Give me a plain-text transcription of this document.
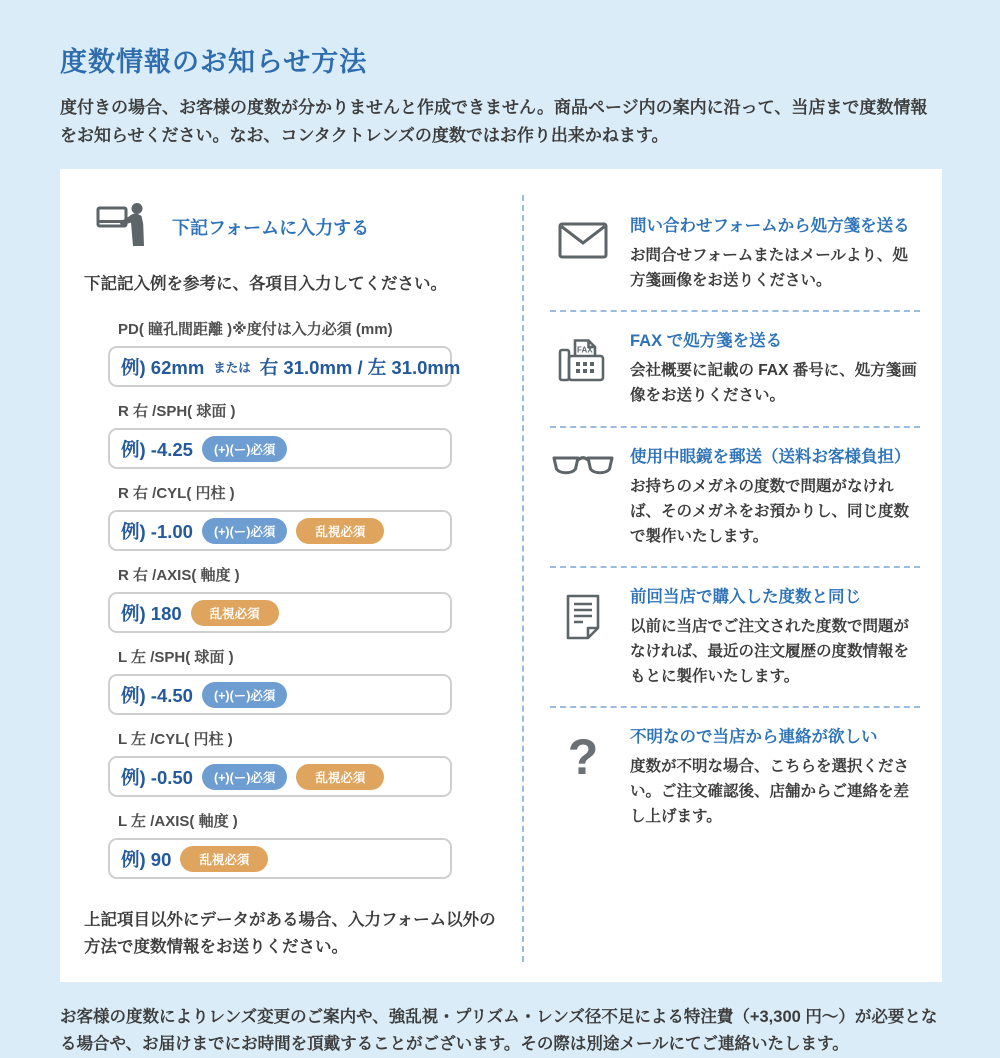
度数情報のお知らせ方法

度付きの場合、お客様の度数が分かりませんと作成できません。商品ページ内の案内に沿って、当店まで度数情報をお知らせください。なお、コンタクトレンズの度数ではお作り出来かねます。

下記フォームに入力する

下記記入例を参考に、各項目入力してください。

PD( 瞳孔間距離 )※度付は入力必須 (mm)
例) 62mm または 右 31.0mm / 左 31.0mm
R 右 /SPH( 球面 )
例) -4.25	(+)(ー)必須
R 右 /CYL( 円柱 )
例) -1.00	(+)(ー)必須	乱視必須
R 右 /AXIS( 軸度 )
例) 180	乱視必須
L 左 /SPH( 球面 )
例) -4.50	(+)(ー)必須
L 左 /CYL( 円柱 )
例) -0.50	(+)(ー)必須	乱視必須
L 左 /AXIS( 軸度 )
例) 90	乱視必須

上記項目以外にデータがある場合、入力フォーム以外の方法で度数情報をお送りください。

問い合わせフォームから処方箋を送る

お問合せフォームまたはメールより、処方箋画像をお送りください。

FAX FAX で処方箋を送る

会社概要に記載の FAX 番号に、処方箋画像をお送りください。

使用中眼鏡を郵送（送料お客様負担）

お持ちのメガネの度数で問題がなければ、そのメガネをお預かりし、同じ度数で製作いたします。

前回当店で購入した度数と同じ

以前に当店でご注文された度数で問題がなければ、最近の注文履歴の度数情報をもとに製作いたします。

? 不明なので当店から連絡が欲しい

度数が不明な場合、こちらを選択ください。ご注文確認後、店舗からご連絡を差し上げます。

お客様の度数によりレンズ変更のご案内や、強乱視・プリズム・レンズ径不足による特注費（+3,300 円〜）が必要となる場合や、お届けまでにお時間を頂戴することがございます。その際は別途メールにてご連絡いたします。
